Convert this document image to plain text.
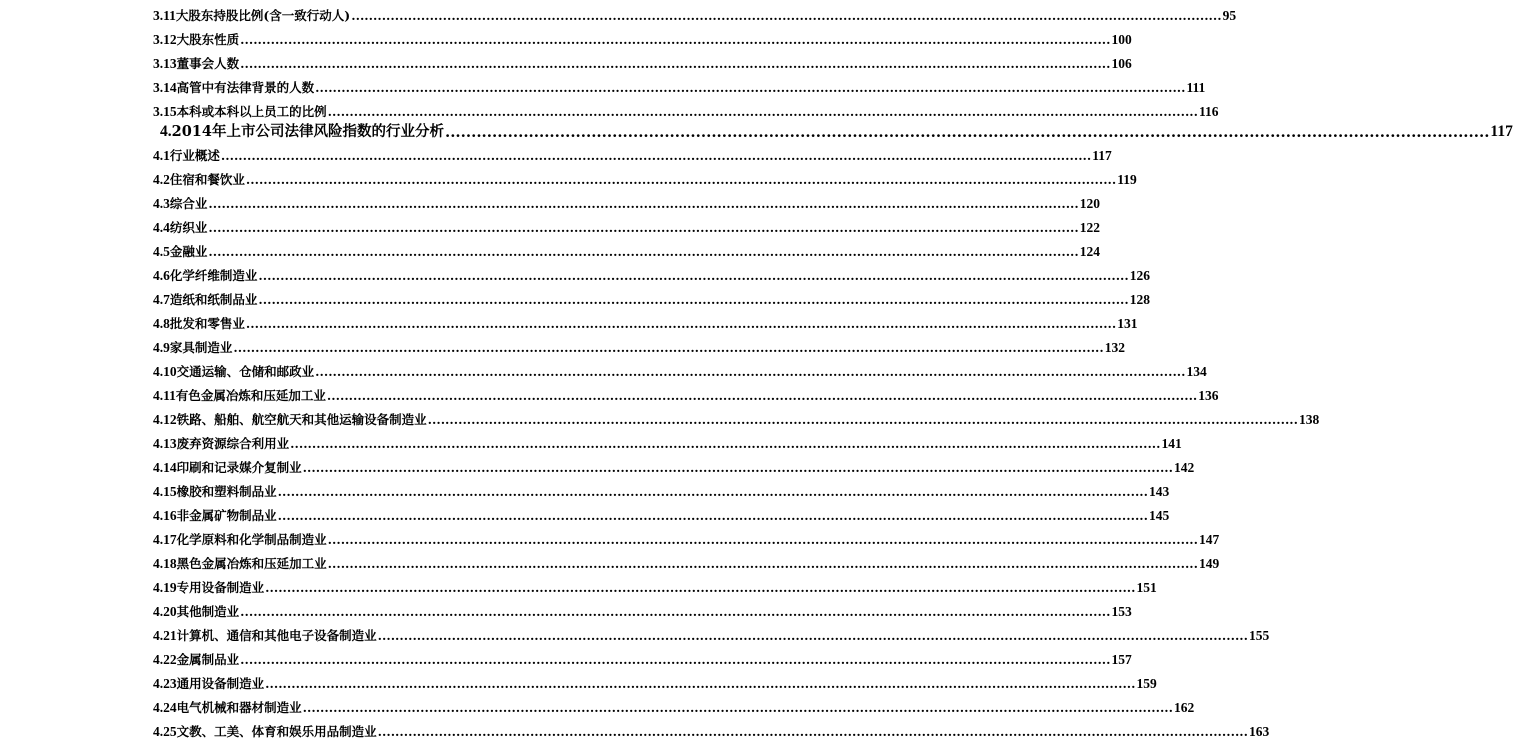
3.11 大股东持股比例(含一致行动人) ........................................................................................................................................................................................................ 95
3.12 大股东性质 ........................................................................................................................................................................................................ 100
3.13 董事会人数 ........................................................................................................................................................................................................ 106
3.14 高管中有法律背景的人数 ........................................................................................................................................................................................................ 111
3.15 本科或本科以上员工的比例 ........................................................................................................................................................................................................ 116
4. 2014年上市公司法律风险指数的行业分析 ........................................................................................................................................................................................................ 117
4.1 行业概述 ........................................................................................................................................................................................................ 117
4.2 住宿和餐饮业 ........................................................................................................................................................................................................ 119
4.3 综合业 ........................................................................................................................................................................................................ 120
4.4 纺织业 ........................................................................................................................................................................................................ 122
4.5 金融业 ........................................................................................................................................................................................................ 124
4.6 化学纤维制造业 ........................................................................................................................................................................................................ 126
4.7 造纸和纸制品业 ........................................................................................................................................................................................................ 128
4.8 批发和零售业 ........................................................................................................................................................................................................ 131
4.9 家具制造业 ........................................................................................................................................................................................................ 132
4.10 交通运输、仓储和邮政业 ........................................................................................................................................................................................................ 134
4.11 有色金属冶炼和压延加工业 ........................................................................................................................................................................................................ 136
4.12 铁路、船舶、航空航天和其他运输设备制造业 ........................................................................................................................................................................................................ 138
4.13 废弃资源综合利用业 ........................................................................................................................................................................................................ 141
4.14 印刷和记录媒介复制业 ........................................................................................................................................................................................................ 142
4.15 橡胶和塑料制品业 ........................................................................................................................................................................................................ 143
4.16 非金属矿物制品业 ........................................................................................................................................................................................................ 145
4.17 化学原料和化学制品制造业 ........................................................................................................................................................................................................ 147
4.18 黑色金属冶炼和压延加工业 ........................................................................................................................................................................................................ 149
4.19 专用设备制造业 ........................................................................................................................................................................................................ 151
4.20 其他制造业 ........................................................................................................................................................................................................ 153
4.21 计算机、通信和其他电子设备制造业 ........................................................................................................................................................................................................ 155
4.22 金属制品业 ........................................................................................................................................................................................................ 157
4.23 通用设备制造业 ........................................................................................................................................................................................................ 159
4.24 电气机械和器材制造业 ........................................................................................................................................................................................................ 162
4.25 文教、工美、体育和娱乐用品制造业 ........................................................................................................................................................................................................ 163
